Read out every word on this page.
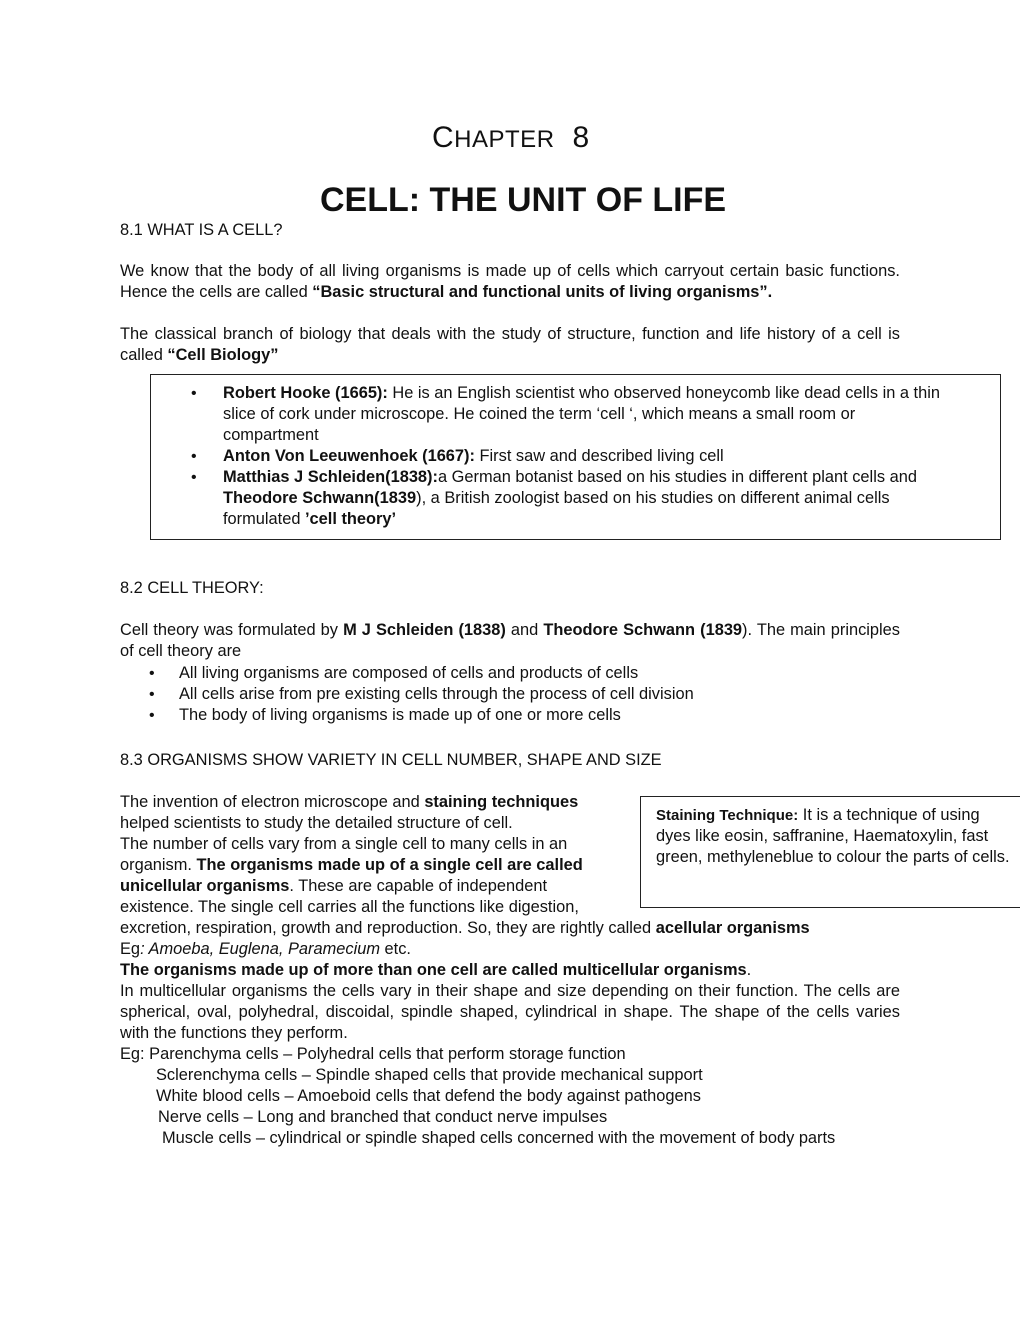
CHAPTER 8
CELL: THE UNIT OF LIFE
8.1 WHAT IS A CELL?
We know that the body of all living organisms is made up of cells which carryout certain basic functions. Hence the cells are called “Basic structural and functional units of living organisms”.
The classical branch of biology that deals with the study of structure, function and life history of a cell is called “Cell Biology”
• Robert Hooke (1665): He is an English scientist who observed honeycomb like dead cells in a thin slice of cork under microscope. He coined the term ‘cell ‘, which means a small room or compartment
• Anton Von Leeuwenhoek (1667): First saw and described living cell
• Matthias J Schleiden(1838):a German botanist based on his studies in different plant cells and Theodore Schwann(1839), a British zoologist based on his studies on different animal cells formulated ’cell theory’
8.2 CELL THEORY:
Cell theory was formulated by M J Schleiden (1838) and Theodore Schwann (1839). The main principles of cell theory are
• All living organisms are composed of cells and products of cells
• All cells arise from pre existing cells through the process of cell division
• The body of living organisms is made up of one or more cells
8.3 ORGANISMS SHOW VARIETY IN CELL NUMBER, SHAPE AND SIZE
The invention of electron microscope and staining techniques
helped scientists to study the detailed structure of cell.
The number of cells vary from a single cell to many cells in an
organism. The organisms made up of a single cell are called
unicellular organisms. These are capable of independent
existence. The single cell carries all the functions like digestion,
excretion, respiration, growth and reproduction. So, they are rightly called acellular organisms
Eg: Amoeba, Euglena, Paramecium etc.
The organisms made up of more than one cell are called multicellular organisms.
Staining Technique: It is a technique of using dyes like eosin, saffranine, Haematoxylin, fast green, methyleneblue to colour the parts of cells.
In multicellular organisms the cells vary in their shape and size depending on their function. The cells are spherical, oval, polyhedral, discoidal, spindle shaped, cylindrical in shape. The shape of the cells varies with the functions they perform.
Eg: Parenchyma cells – Polyhedral cells that perform storage function
Sclerenchyma cells – Spindle shaped cells that provide mechanical support
White blood cells – Amoeboid cells that defend the body against pathogens
Nerve cells – Long and branched that conduct nerve impulses
Muscle cells – cylindrical or spindle shaped cells concerned with the movement of body parts
